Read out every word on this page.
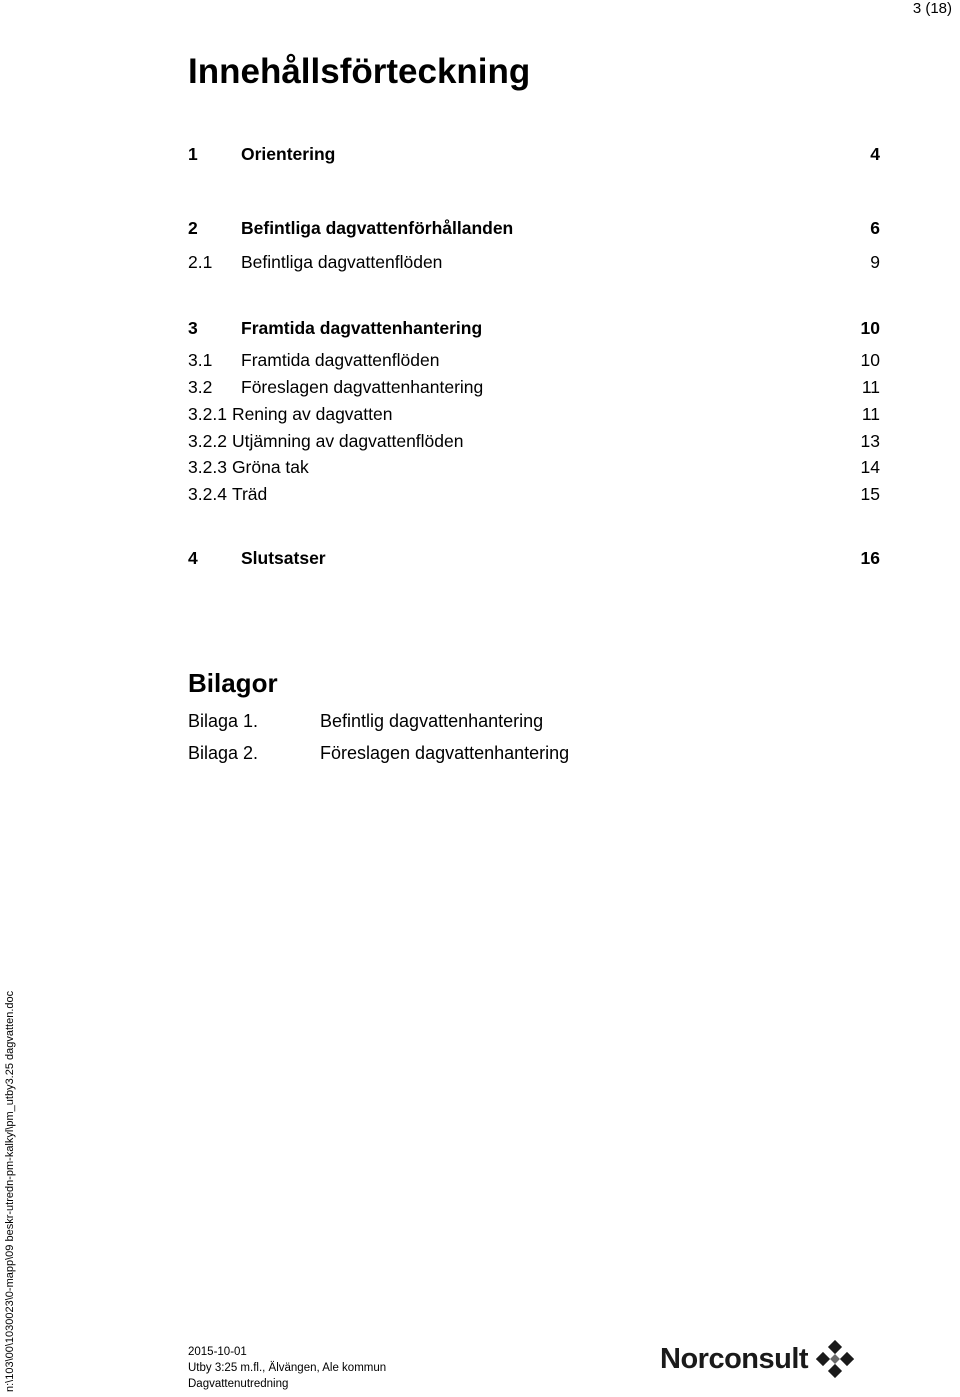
3 (18)
Innehållsförteckning
1	Orientering	4
2	Befintliga dagvattenförhållanden	6
2.1	Befintliga dagvattenflöden	9
3	Framtida dagvattenhantering	10
3.1	Framtida dagvattenflöden	10
3.2	Föreslagen dagvattenhantering	11
3.2.1 Rening av dagvatten	11
3.2.2 Utjämning av dagvattenflöden	13
3.2.3 Gröna tak	14
3.2.4 Träd	15
4	Slutsatser	16
Bilagor
Bilaga 1.	Befintlig dagvattenhantering
Bilaga 2.	Föreslagen dagvattenhantering
n:\103\00\1030023\0-mapp\09 beskr-utredn-pm-kalkyl\pm_utby3.25 dagvatten.doc	2015-10-01
Utby 3:25 m.fl., Älvängen, Ale kommun
Dagvattenutredning
Norconsult
